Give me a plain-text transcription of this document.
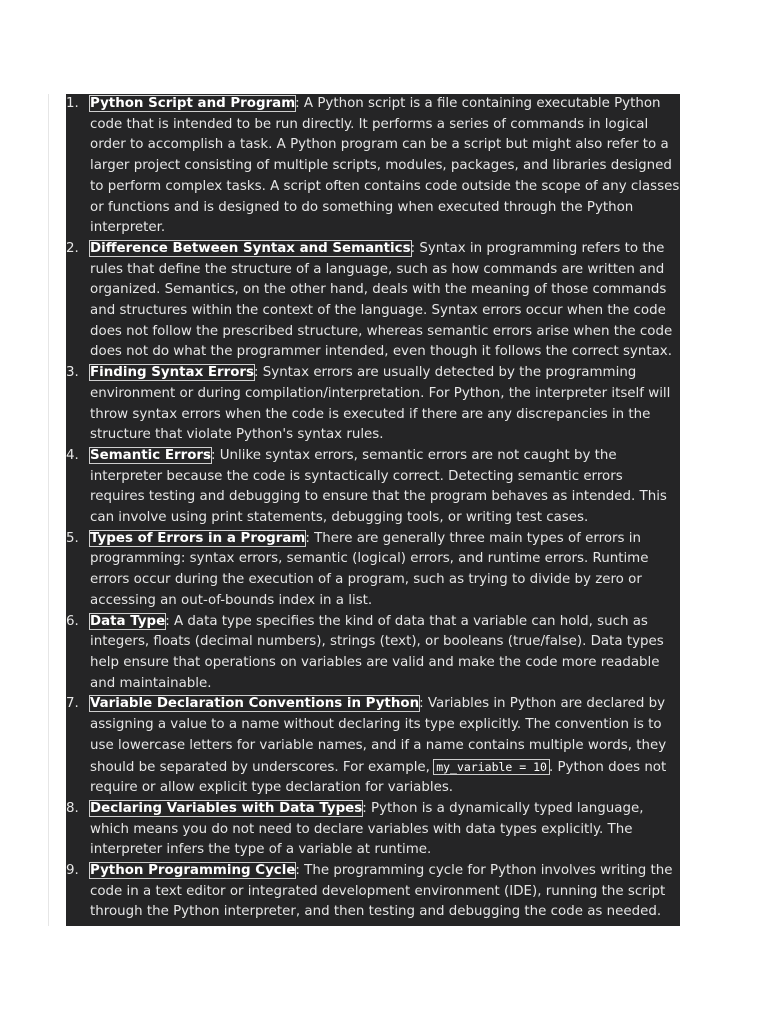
1. Python Script and Program: A Python script is a file containing executable Python code that is intended to be run directly. It performs a series of commands in logical order to accomplish a task. A Python program can be a script but might also refer to a larger project consisting of multiple scripts, modules, packages, and libraries designed to perform complex tasks. A script often contains code outside the scope of any classes or functions and is designed to do something when executed through the Python interpreter.
2. Difference Between Syntax and Semantics: Syntax in programming refers to the rules that define the structure of a language, such as how commands are written and organized. Semantics, on the other hand, deals with the meaning of those commands and structures within the context of the language. Syntax errors occur when the code does not follow the prescribed structure, whereas semantic errors arise when the code does not do what the programmer intended, even though it follows the correct syntax.
3. Finding Syntax Errors: Syntax errors are usually detected by the programming environment or during compilation/interpretation. For Python, the interpreter itself will throw syntax errors when the code is executed if there are any discrepancies in the structure that violate Python's syntax rules.
4. Semantic Errors: Unlike syntax errors, semantic errors are not caught by the interpreter because the code is syntactically correct. Detecting semantic errors requires testing and debugging to ensure that the program behaves as intended. This can involve using print statements, debugging tools, or writing test cases.
5. Types of Errors in a Program: There are generally three main types of errors in programming: syntax errors, semantic (logical) errors, and runtime errors. Runtime errors occur during the execution of a program, such as trying to divide by zero or accessing an out-of-bounds index in a list.
6. Data Type: A data type specifies the kind of data that a variable can hold, such as integers, floats (decimal numbers), strings (text), or booleans (true/false). Data types help ensure that operations on variables are valid and make the code more readable and maintainable.
7. Variable Declaration Conventions in Python: Variables in Python are declared by assigning a value to a name without declaring its type explicitly. The convention is to use lowercase letters for variable names, and if a name contains multiple words, they should be separated by underscores. For example, my_variable = 10 . Python does not require or allow explicit type declaration for variables.
8. Declaring Variables with Data Types: Python is a dynamically typed language, which means you do not need to declare variables with data types explicitly. The interpreter infers the type of a variable at runtime.
9. Python Programming Cycle: The programming cycle for Python involves writing the code in a text editor or integrated development environment (IDE), running the script through the Python interpreter, and then testing and debugging the code as needed.
